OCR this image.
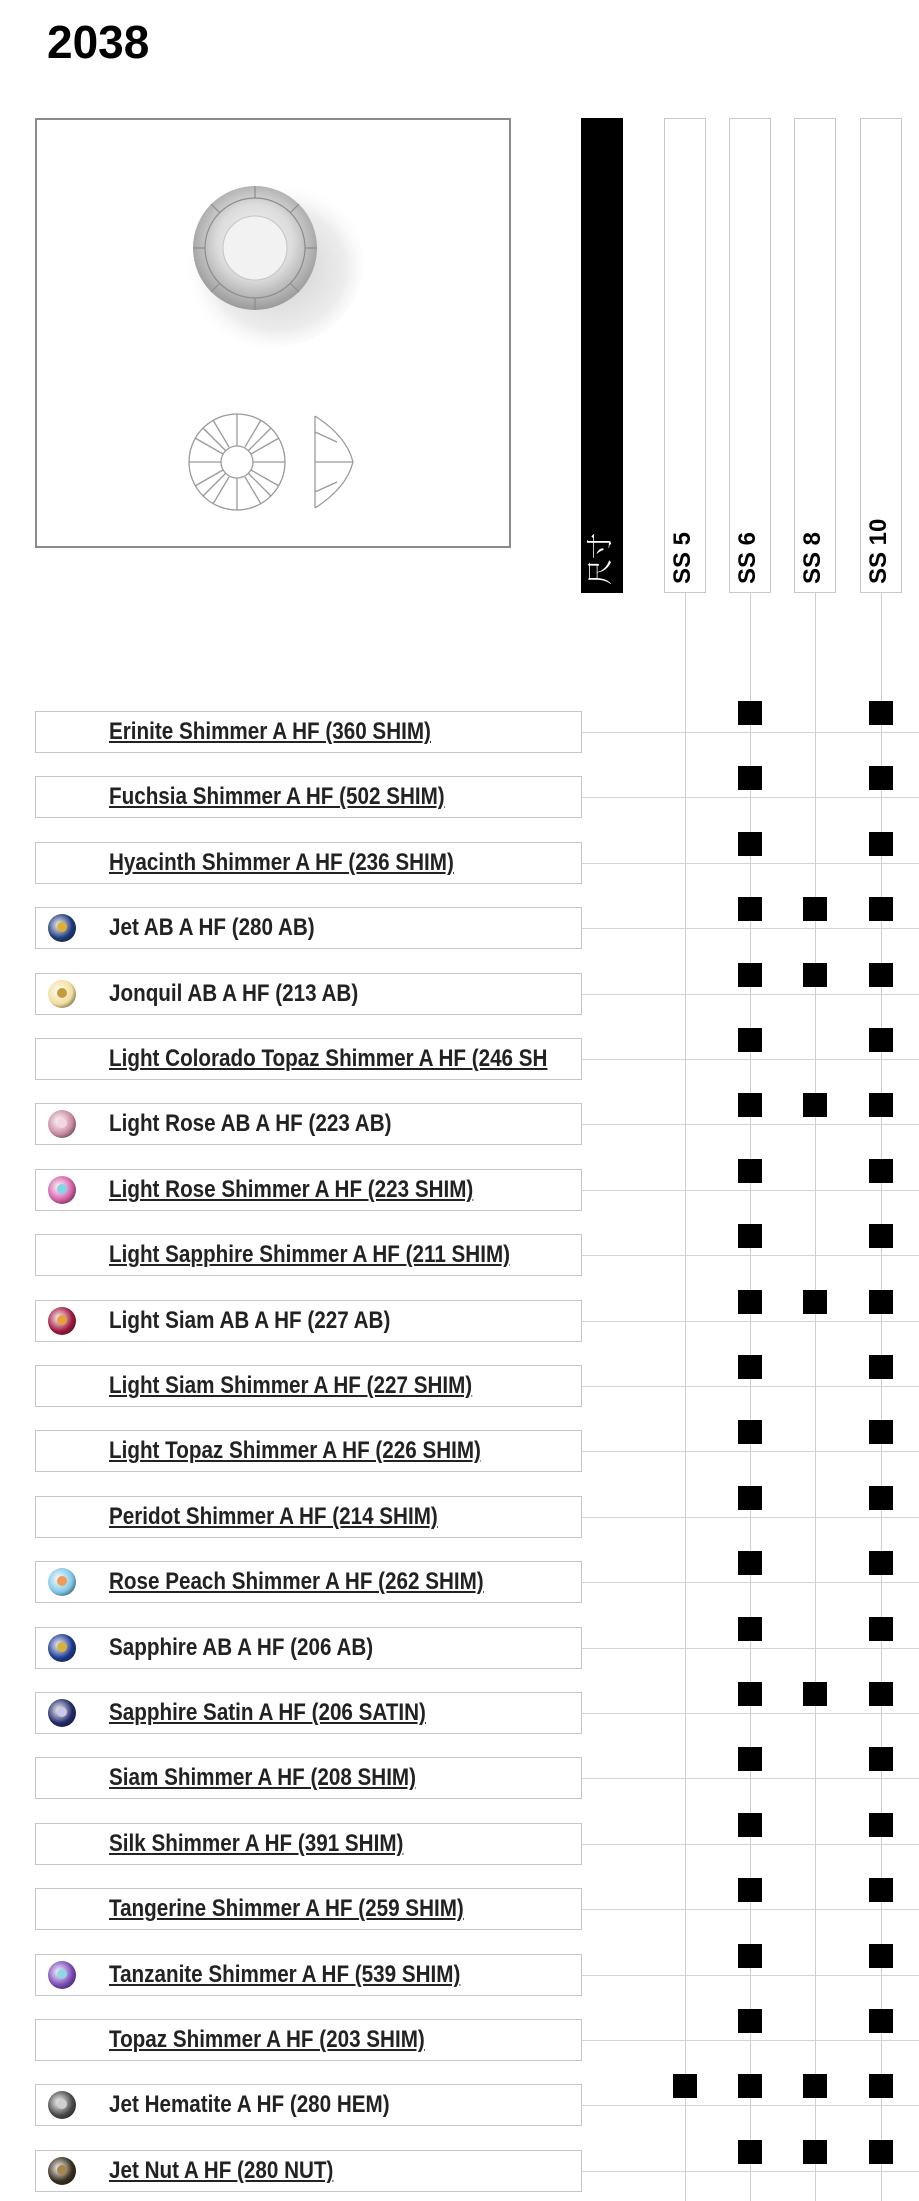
2038
尺寸 SS 5 SS 6 SS 8 SS 10
Erinite Shimmer A HF (360 SHIM)
Fuchsia Shimmer A HF (502 SHIM)
Hyacinth Shimmer A HF (236 SHIM)
Jet AB A HF (280 AB)
Jonquil AB A HF (213 AB)
Light Colorado Topaz Shimmer A HF (246 SH
Light Rose AB A HF (223 AB)
Light Rose Shimmer A HF (223 SHIM)
Light Sapphire Shimmer A HF (211 SHIM)
Light Siam AB A HF (227 AB)
Light Siam Shimmer A HF (227 SHIM)
Light Topaz Shimmer A HF (226 SHIM)
Peridot Shimmer A HF (214 SHIM)
Rose Peach Shimmer A HF (262 SHIM)
Sapphire AB A HF (206 AB)
Sapphire Satin A HF (206 SATIN)
Siam Shimmer A HF (208 SHIM)
Silk Shimmer A HF (391 SHIM)
Tangerine Shimmer A HF (259 SHIM)
Tanzanite Shimmer A HF (539 SHIM)
Topaz Shimmer A HF (203 SHIM)
Jet Hematite A HF (280 HEM)
Jet Nut A HF (280 NUT)
